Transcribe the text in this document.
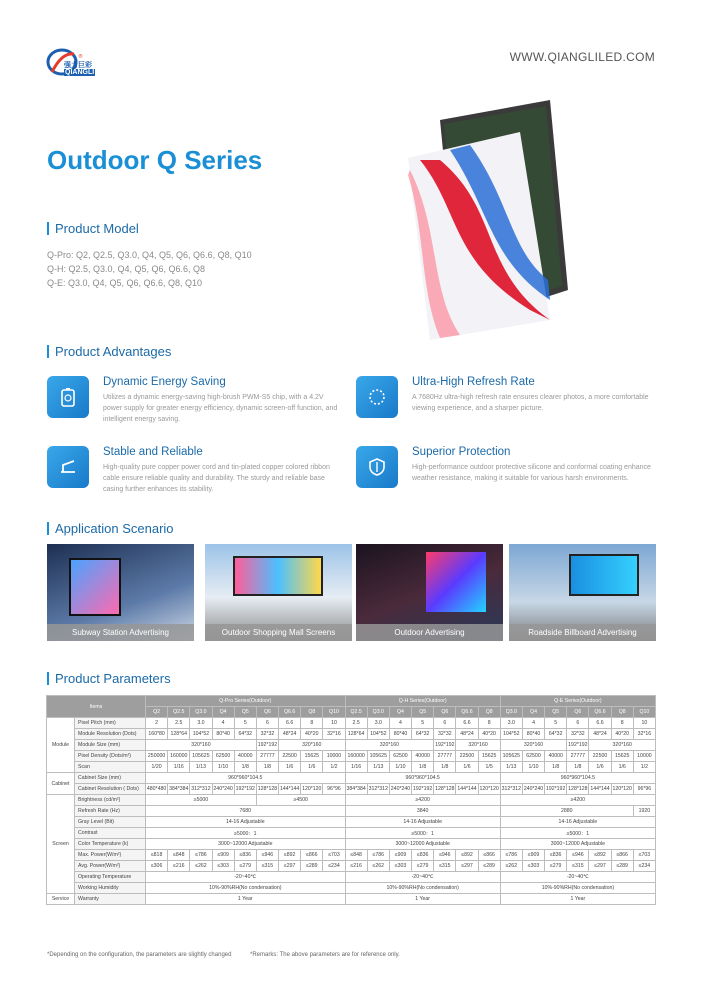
®
强力巨彩
QIANGLI
WWW.QIANGLILED.COM
Outdoor Q Series
Product Model
Q-Pro: Q2, Q2.5, Q3.0, Q4, Q5, Q6, Q6.6, Q8, Q10
Q-H: Q2.5, Q3.0, Q4, Q5, Q6, Q6.6, Q8
Q-E: Q3.0, Q4, Q5, Q6, Q6.6, Q8, Q10
Product Advantages
Dynamic Energy Saving
Utilizes a dynamic energy-saving high-brush PWM-S5 chip, with a 4.2V power supply for greater energy efficiency, dynamic screen-off function, and intelligent energy saving.
Ultra-High Refresh Rate
A 7680Hz ultra-high refresh rate ensures clearer photos, a more comfortable viewing experience, and a sharper picture.
Stable and Reliable
High-quality pure copper power cord and tin-plated copper colored ribbon cable ensure reliable quality and durability. The sturdy and reliable base casing further enhances its stability.
Superior Protection
High-performance outdoor protective silicone and conformal coating enhance weather resistance, making it suitable for various harsh environments.
Application Scenario
Subway Station Advertising	Outdoor Shopping Mall Screens	Outdoor Advertising	Roadside Billboard Advertising
Product Parameters
Items		Q-Pro Series(Outdoor)									Q-H Series(Outdoor)							Q-E Series(Outdoor)						
		Q2	Q2.5	Q3.0	Q4	Q5	Q6	Q6.6	Q8	Q10	Q2.5	Q3.0	Q4	Q5	Q6	Q6.6	Q8	Q3.0	Q4	Q5	Q6	Q6.6	Q8	Q10
Module	Pixel Pitch (mm)	2	2.5	3.0	4	5	6	6.6	8	10	2.5	3.0	4	5	6	6.6	8	3.0	4	5	6	6.6	8	10
	Module Resolution (Dots)	160*80	128*64	104*52	80*40	64*32	32*32	48*24	40*20	32*16	128*64	104*52	80*40	64*32	32*32	48*24	40*20	104*52	80*40	64*32	32*32	48*24	40*20	32*16
	Module Size (mm)	320*160					192*192	320*160			320*160				192*192	320*160		320*160			192*192	320*160		
	Pixel Density (Dots/m²)	250000	160000	105625	62500	40000	27777	22500	15625	10000	160000	105625	62500	40000	27777	22500	15625	105625	62500	40000	27777	22500	15625	10000
	Scan	1/20	1/16	1/13	1/10	1/8	1/8	1/6	1/6	1/2	1/16	1/13	1/10	1/8	1/8	1/6	1/5	1/13	1/10	1/8	1/8	1/6	1/6	1/2
Cabinet	Cabinet Size (mm)	960*960*104.5									960*960*104.5							960*960*104.5						
	Cabinet Resolution ( Dots)	480*480	384*384	312*312	240*240	192*192	128*128	144*144	120*120	96*96	384*384	312*312	240*240	192*192	128*128	144*144	120*120	312*312	240*240	192*192	128*128	144*144	120*120	96*96
Screen	Brightness (cd/m²)	≥5000					≥4500				≥4200							≥4200						
	Refresh Rate (Hz)	7680									3840							2880						1920
	Gray Level (Bit)	14-16 Adjustable									14-16 Adjustable							14-16 Adjustable						
	Contrast	≥5000：1									≥5000：1							≥5000：1						
	Color Temperature (k)	3000~12000 Adjustable									3000~12000 Adjustable							3000~12000 Adjustable						
	Max. Power(W/m²)	≤818	≤848	≤786	≤909	≤836	≤946	≤892	≤866	≤703	≤848	≤786	≤909	≤836	≤946	≤892	≤866	≤786	≤909	≤836	≤946	≤892	≤866	≤703
	Avg. Power(W/m²)	≤306	≤216	≤262	≤303	≤279	≤315	≤297	≤289	≤234	≤216	≤262	≤303	≤279	≤315	≤297	≤289	≤262	≤303	≤279	≤315	≤297	≤289	≤234
	Operating Temperature	-20~40℃									-20~40℃							-20~40℃						
	Working Humidity	10%-90%RH(No condensation)									10%-90%RH(No condensation)							10%-90%RH(No condensation)						
Service	Warranty	1 Year									1 Year							1 Year						
*Depending on the configuration, the parameters are slightly changed	*Remarks: The above parameters are for reference only.
